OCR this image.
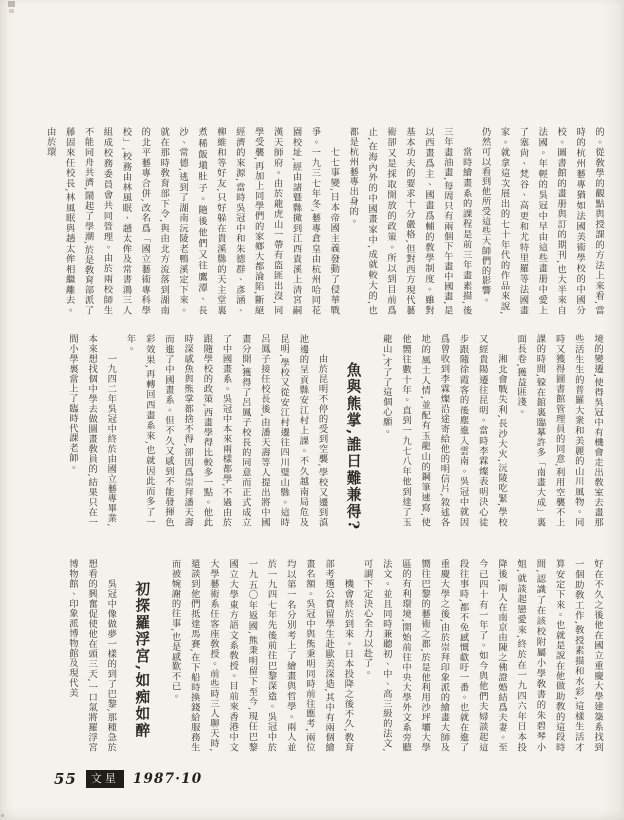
的。從敎學的觀點與授課的方法上來看,當時的杭州藝專猶如法國美術學校的中國分校。圖書館的畫册與訂的期刊,也大半來自法國。年輕的吳冠中早由這些畫册中愛上了塞尙、梵谷、高更和尤特里羅等法國畫家。就拿這次展出的七十年代的作品來說,仍然可以看到他所受這些大師們的影響。

當時繪畫系的課程是前三年畫素描,後三年畫油畫,每周只有兩個下午畫中國畫,是以西畫爲主、國畫爲輔的敎學制度。雖對基本功夫的要求十分嚴格,但對西方現代藝術卻又是採取開放的政策。所以到目前爲止,在海內外的中國畫家中,成就較大的,也都是杭州藝專出身的。

七七事變,日本帝國主義發動了侵華戰爭。一九三七年冬,藝專倉皇由杭州哈同花園校址,經由諸曁縣撤到江西貴溪上清宮嗣漢天師府。由於龍虎山一帶有盜匪出沒,同學受襲,再加上同學們的家鄉大都淪陷,斷絕經濟的來源,當時吳冠中和朱德群、彥涵、柳維和等好友,只好躲在貴溪縣的天主堂裏煮稀飯塡肚子。隨後他們又往鷹潭、長沙、常德,逃到了湖南沅陵老鴨溪定下來。就在那時敎育部下令,與由北方流落到湖南的北平藝專合併,改名爲「國立藝術專科學校」,校務由林風眠、趙太侔及常書鴻三人組成校務委員會共同管理。由於兩校師生不能同舟共濟,鬧起了學潮,於是敎育部派了藤固來任校長,林風眠與趙太侔相繼離去。由於環

境的變遷,使得吳冠中有機會走出敎室去畫那些活生生的普羅大衆和美麗的山川風物。同時又獲得圖書館管理員的同意,利用空襲不上課的時間,躱在館裏臨摹許多「南畫大成」裏面長卷,獲益匪淺。

湘北會戰失利,長沙大火,沅陵吃緊,學校又經貴陽遷往昆明。當時李霖燦表明決心徒步跟隨徐霞客的後塵進入雲南。吳冠中就因爲曾收到李霖燦沿途寄給他的明信片,敘述各地的風土人情,並配有玉龍山的鋼筆速寫,使他嚮往數十年。直到一九七八年他到達了玉龍山,才了了這個心願。

魚與熊掌,誰曰難兼得?

由於昆明不停的受到空襲,學校又遷到滇池邊的呈貢縣安江村上課。不久越南局危及昆明,學校又從安江村遷往四川璧山縣。這時呂鳳子接任校長後,由潘天壽等人提出將中國畫分開,獲得了呂鳳子校長的同意而正式成立了中國畫系。吳冠中本來兩樣都學,不過由於跟隨學校的政策,西畫學得比較多一點。他此時深感魚與熊掌都捨不得,卻因爲崇拜潘天壽而進了中國畫系。但不久又感到不能發揮色彩效果,再轉回西畫系來,也就因此而多了一年。

一九四二年吳冠中終於由國立藝專畢業,本來想找個中學去做圖畫敎員的,結果只在一間小學裏當上了臨時代課老師。

好在不久之後他在國立重慶大學建築系找到一個助敎工作,敎授素描和水彩,這樣生活才算安定下來。也就是說在他做助敎的這段時間,認識了在該校附屬小學敎書的朱碧琴小姐,就談起戀愛來,終於在一九四六年日本投降後,兩人在南京由陳之佛證婚結爲夫妻。至今已四十有一年了。如今與他們夫婦談起這段往事時,都不免感慨歔吁一番。也就在進了重慶大學之後,由於崇拜印象派的繪畫大師及嚮往巴黎的藝術之都,於是他利用沙坪壩大學區的有利環境,開始前往中央大學外文系旁聽法文。並且同時兼聽初、中、高三級的法文,可謂下定決心全力以赴了。

機會終於到來。日本投降之後不久,敎育部考選公費留學生赴歐美深造,其中有兩個繪畫名額。吳冠中與熊秉明同時前往應考,兩位均以第一名分別考上了繪畫與哲學。兩人並於一九四七年先後前往巴黎深造。吳冠中於一九五〇年返國,熊秉明留下至今,現任巴黎國立大學東方語文系敎授。目前來香港中文大學藝術系任客座敎授。前些時三人聊天時,還談到他們抵達馬賽,在下船時換錢給服務生而被婉謝的往事,也是感歎不已。

初探羅浮宮,如痴如醉

吳冠中像做夢一樣的到了巴黎,那種急於想看的興奮促使他在頭三天,一口氣將羅浮宮博物館、印象派博物館及現代美

55	文星	1987·10
